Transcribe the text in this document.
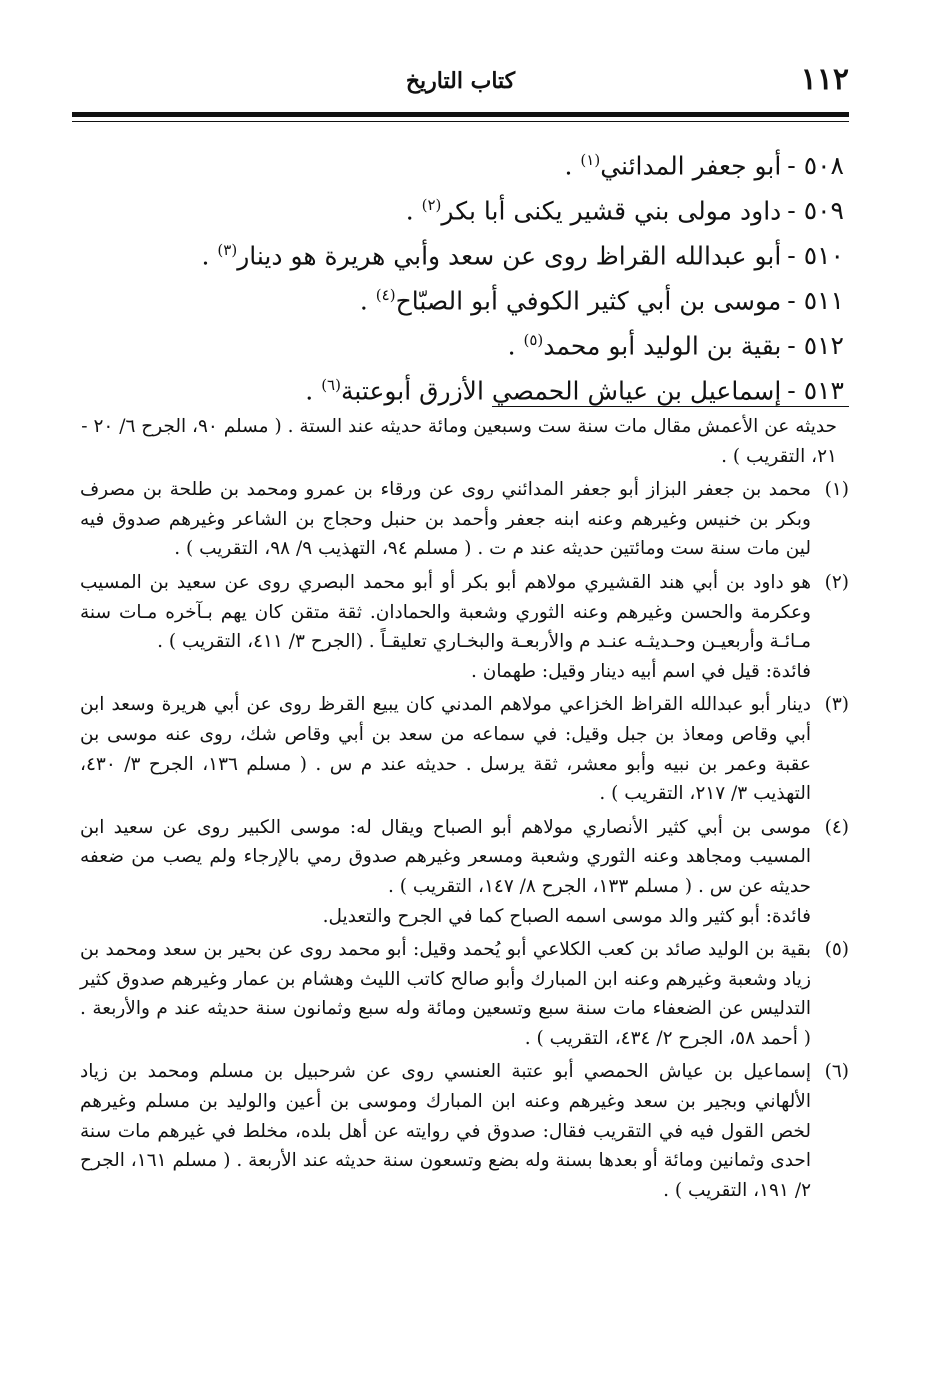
١١٢
كتاب التاريخ
٥٠٨ -أبو جعفر المدائني$^{(١)}$ .
٥٠٩ -داود مولى بني قشير يكنى أبا بكر$^{(٢)}$ .
٥١٠ -أبو عبدالله القراظ روى عن سعد وأبي هريرة هو دينار$^{(٣)}$ .
٥١١ -موسى بن أبي كثير الكوفي أبو الصبّاح$^{(٤)}$ .
٥١٢ -بقية بن الوليد أبو محمد$^{(٥)}$ .
٥١٣ -إسماعيل بن عياش الحمصي الأزرق أبوعتبة$^{(٦)}$ .
حديثه عن الأعمش مقال مات سنة ست وسبعين ومائة حديثه عند الستة . ( مسلم ٩٠، الجرح ٦/ ٢٠ - ٢١، التقريب ) .
(١)
محمد بن جعفر البزاز أبو جعفر المدائني روى عن ورقاء بن عمرو ومحمد بن طلحة بن مصرف وبكر بن خنيس وغيرهم وعنه ابنه جعفر وأحمد بن حنبل وحجاج بن الشاعر وغيرهم صدوق فيه لين مات سنة ست ومائتين حديثه عند م ت . ( مسلم ٩٤، التهذيب ٩/ ٩٨، التقريب ) .
(٢)
هو داود بن أبي هند القشيري مولاهم أبو بكر أو أبو محمد البصري روى عن سعيد بن المسيب وعكرمة والحسن وغيرهم وعنه الثوري وشعبة والحمادان. ثقة متقن كان يهم بـآخره مـات سنة مـائـة وأربعيـن وحـديثـه عنـد م والأربعـة والبخـاري تعليقـاً . (الجرح ٣/ ٤١١، التقريب ) .
فائدة: قيل في اسم أبيه دينار وقيل: طهمان .
(٣)
دينار أبو عبدالله القراظ الخزاعي مولاهم المدني كان يبيع القرظ روى عن أبي هريرة وسعد ابن أبي وقاص ومعاذ بن جبل وقيل: في سماعه من سعد بن أبي وقاص شك، روى عنه موسى بن عقبة وعمر بن نبيه وأبو معشر، ثقة يرسل . حديثه عند م س . ( مسلم ١٣٦، الجرح ٣/ ٤٣٠، التهذيب ٣/ ٢١٧، التقريب ) .
(٤)
موسى بن أبي كثير الأنصاري مولاهم أبو الصباح ويقال له: موسى الكبير روى عن سعيد ابن المسيب ومجاهد وعنه الثوري وشعبة ومسعر وغيرهم صدوق رمي بالإرجاء ولم يصب من ضعفه حديثه عن س . ( مسلم ١٣٣، الجرح ٨/ ١٤٧، التقريب ) .
فائدة: أبو كثير والد موسى اسمه الصباح كما في الجرح والتعديل.
(٥)
بقية بن الوليد صائد بن كعب الكلاعي أبو يُحمد وقيل: أبو محمد روى عن بحير بن سعد ومحمد بن زياد وشعبة وغيرهم وعنه ابن المبارك وأبو صالح كاتب الليث وهشام بن عمار وغيرهم صدوق كثير التدليس عن الضعفاء مات سنة سبع وتسعين ومائة وله سبع وثمانون سنة حديثه عند م والأربعة . ( أحمد ٥٨، الجرح ٢/ ٤٣٤، التقريب ) .
(٦)
إسماعيل بن عياش الحمصي أبو عتبة العنسي روى عن شرحبيل بن مسلم ومحمد بن زياد الألهاني وبجير بن سعد وغيرهم وعنه ابن المبارك وموسى بن أعين والوليد بن مسلم وغيرهم لخص القول فيه في التقريب فقال: صدوق في روايته عن أهل بلده، مخلط في غيرهم مات سنة احدى وثمانين ومائة أو بعدها بسنة وله بضع وتسعون سنة حديثه عند الأربعة . ( مسلم ١٦١، الجرح ٢/ ١٩١، التقريب ) .
